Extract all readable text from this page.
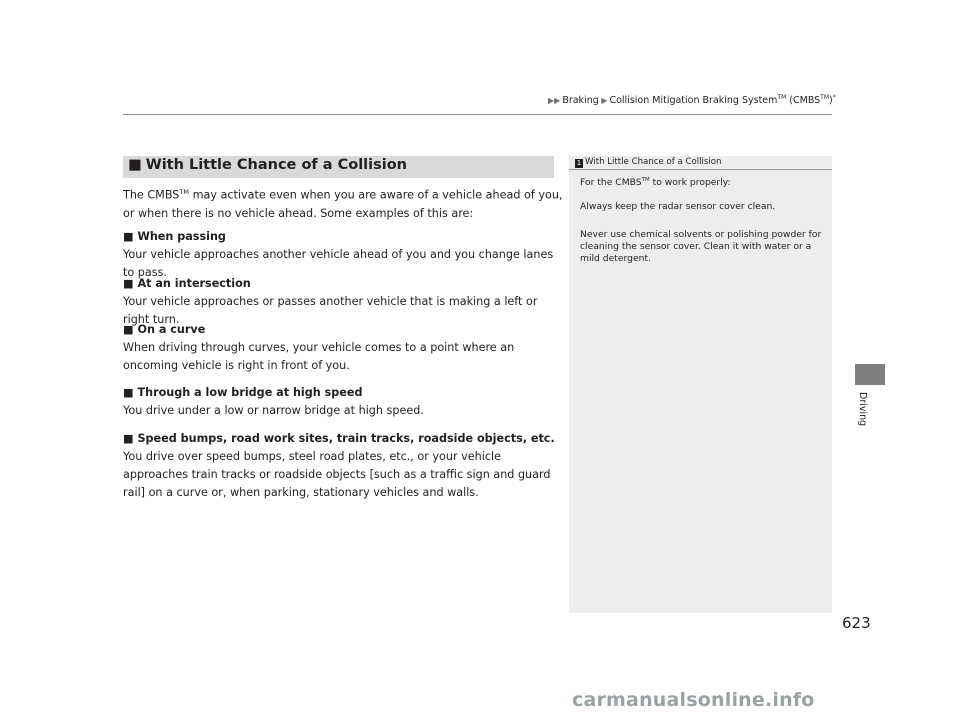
▶▶ Braking ▶ Collision Mitigation Braking System™ (CMBS™)*
■ With Little Chance of a Collision
The CMBS™ may activate even when you are aware of a vehicle ahead of you, or when there is no vehicle ahead. Some examples of this are:
■ When passing
Your vehicle approaches another vehicle ahead of you and you change lanes to pass.
■ At an intersection
Your vehicle approaches or passes another vehicle that is making a left or right turn.
■ On a curve
When driving through curves, your vehicle comes to a point where an oncoming vehicle is right in front of you.
■ Through a low bridge at high speed
You drive under a low or narrow bridge at high speed.
■ Speed bumps, road work sites, train tracks, roadside objects, etc.
You drive over speed bumps, steel road plates, etc., or your vehicle approaches train tracks or roadside objects [such as a traffic sign and guard rail] on a curve or, when parking, stationary vehicles and walls.
1 With Little Chance of a Collision
For the CMBS™ to work properly:
Always keep the radar sensor cover clean.
Never use chemical solvents or polishing powder for cleaning the sensor cover. Clean it with water or a mild detergent.
Driving
623
carmanualsonline.info
